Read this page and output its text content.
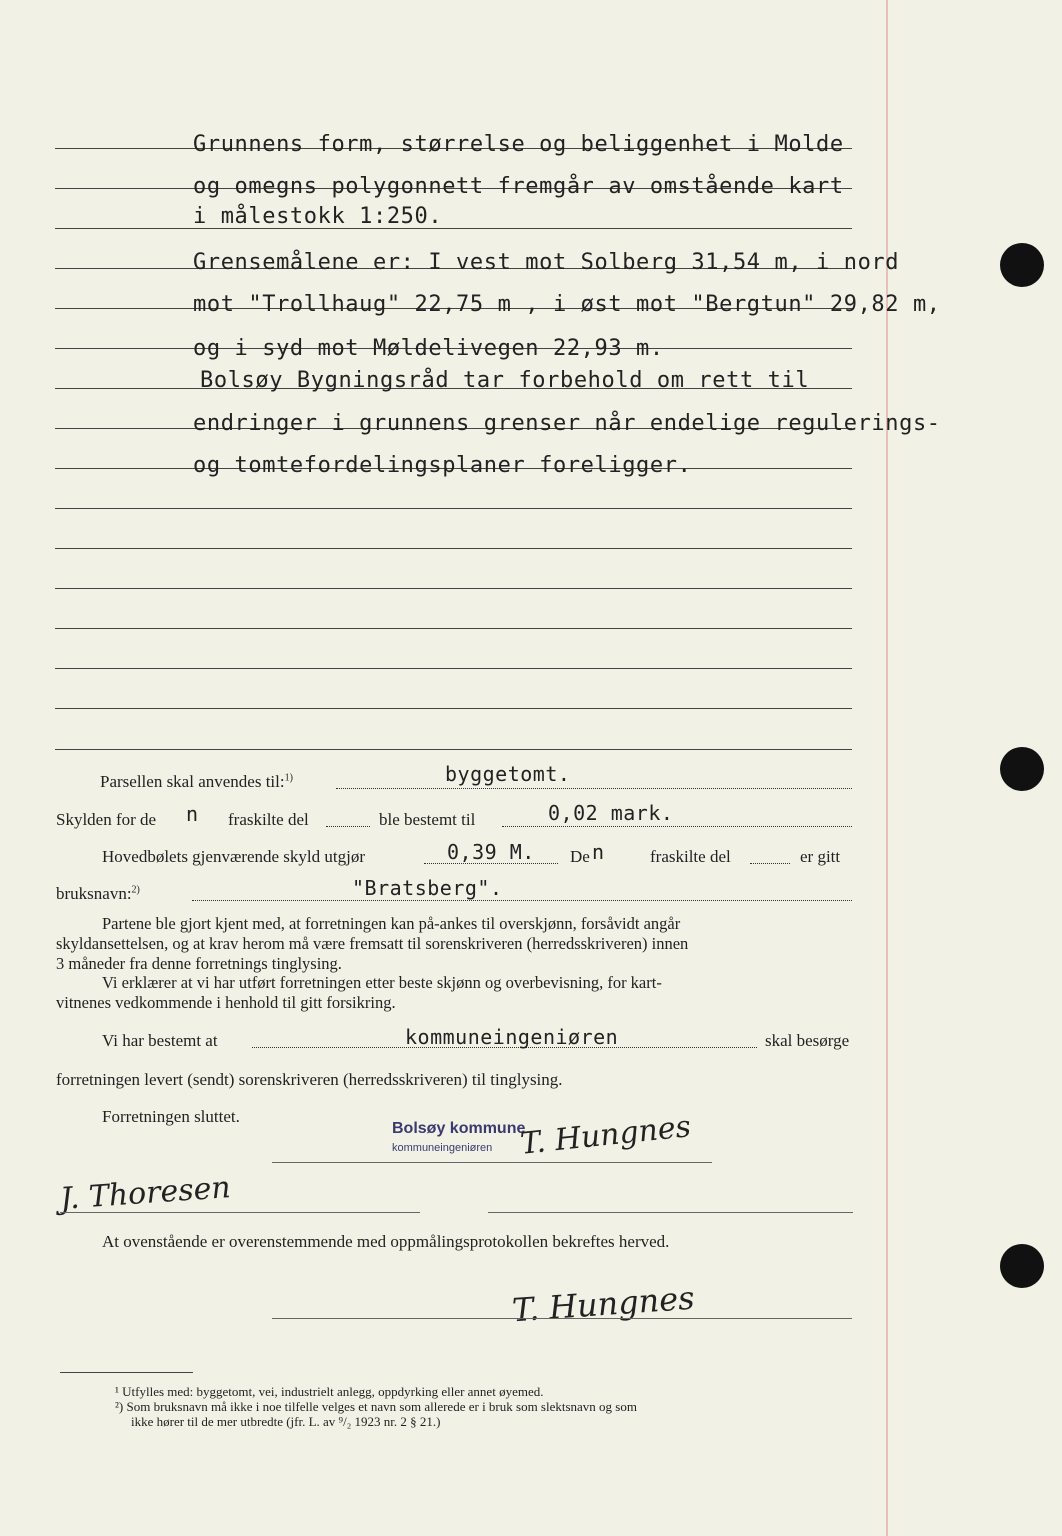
Grunnens form, størrelse og beliggenhet i Molde
og omegns polygonnett fremgår av omstående kart
i målestokk 1:250.
Grensemålene er: I vest mot Solberg 31,54 m, i nord
mot "Trollhaug" 22,75 m , i øst mot "Bergtun" 29,82 m,
og i syd mot Møldelivegen 22,93 m.
Bolsøy Bygningsråd tar forbehold om rett til
endringer i grunnens grenser når endelige regulerings-
og tomtefordelingsplaner foreligger.
Parsellen skal anvendes til:$^{1)}$	byggetomt.
Skylden for de n fraskilte del	ble bestemt til	0,02 mark.
Hovedbølets gjenværende skyld utgjør	0,39 M. De n	fraskilte del	er gitt
bruksnavn:$^{2)}$	"Bratsberg".
Partene ble gjort kjent med, at forretningen kan på-ankes til overskjønn, forsåvidt angår
skyldansettelsen, og at krav herom må være fremsatt til sorenskriveren (herredsskriveren) innen
3 måneder fra denne forretnings tinglysing.
Vi erklærer at vi har utført forretningen etter beste skjønn og overbevisning, for kart-
vitnenes vedkommende i henhold til gitt forsikring.
Vi har bestemt at	kommuneingeniøren	skal besørge
forretningen levert (sendt) sorenskriveren (herredsskriveren) til tinglysing.
Forretningen sluttet.
Bolsøy kommune
kommuneingeniøren T. Hungnes
J. Thoresen
At ovenstående er overenstemmende med oppmålingsprotokollen bekreftes herved.
T. Hungnes
¹ Utfylles med: byggetomt, vei, industrielt anlegg, oppdyrking eller annet øyemed.
²) Som bruksnavn må ikke i noe tilfelle velges et navn som allerede er i bruk som slektsnavn og som
ikke hører til de mer utbredte (jfr. L. av ⁹/₂ 1923 nr. 2 § 21.)
